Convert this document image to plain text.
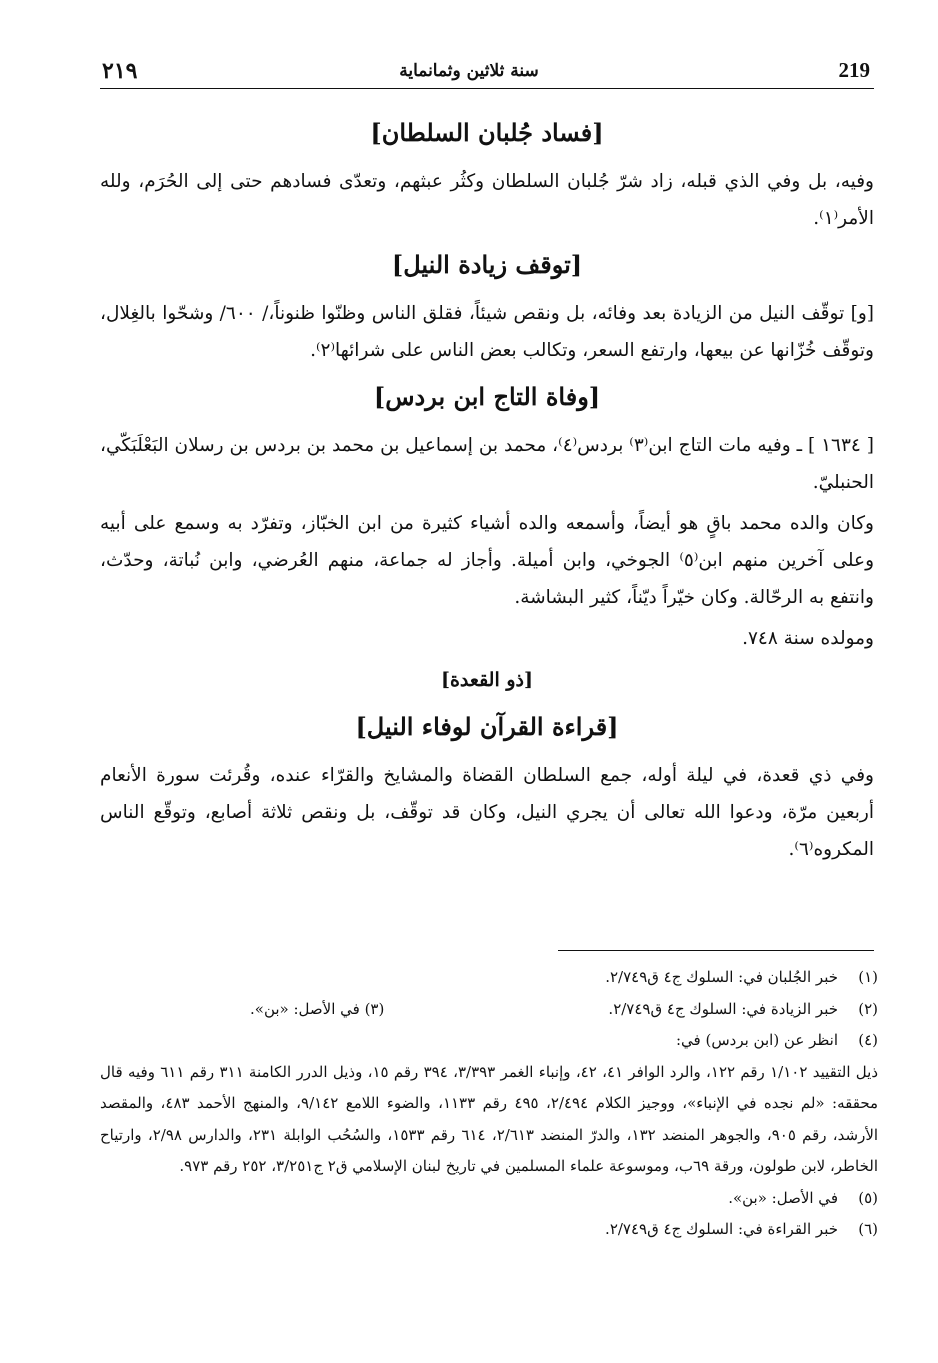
219
سنة ثلاثين وثمانماية
٢١٩
[فساد جُلبان السلطان]

وفيه، بل وفي الذي قبله، زاد شرّ جُلبان السلطان وكثُر عبثهم، وتعدّى فسادهم حتى إلى الحُرَم، ولله الأمر⁽١⁾.

[توقف زيادة النيل]

[و] توقّف النيل من الزيادة بعد وفائه، بل ونقص شيئاً، فقلق الناس وظنّوا ظنوناً،/ ٦٠٠/ وشحّوا بالغِلال، وتوقّف خُزّانها عن بيعها، وارتفع السعر، وتكالب بعض الناس على شرائها⁽٢⁾.

[وفاة التاج ابن بردس]

[ ١٦٣٤ ] ـ وفيه مات التاج ابن⁽٣⁾ بردس⁽٤⁾، محمد بن إسماعيل بن محمد بن بردس بن رسلان البَعْلَبَكّي، الحنبليّ.

وكان والده محمد باقٍ هو أيضاً، وأسمعه والده أشياء كثيرة من ابن الخبّاز، وتفرّد به وسمع على أبيه وعلى آخرين منهم ابن⁽٥⁾ الجوخي، وابن أميلة. وأجاز له جماعة، منهم العُرضي، وابن نُباتة، وحدّث، وانتفع به الرحّالة. وكان خيّراً ديّناً، كثير البشاشة.

ومولده سنة ٧٤٨.

[ذو القعدة]
[قراءة القرآن لوفاء النيل]

وفي ذي قعدة، في ليلة أوله، جمع السلطان القضاة والمشايخ والقرّاء عنده، وقُرئت سورة الأنعام أربعين مرّة، ودعوا الله تعالى أن يجري النيل، وكان قد توقّف، بل ونقص ثلاثة أصابع، وتوقّع الناس المكروه⁽٦⁾.

(١)
خبر الجُلبان في: السلوك ج٤ ق٢/٧٤٩.
(٢)
خبر الزيادة في: السلوك ج٤ ق٢/٧٤٩.
(٣) في الأصل: «بن».
(٤)
انظر عن (ابن بردس) في:
ذيل التقييد ١/١٠٢ رقم ١٢٢، والرد الوافر ٤١، ٤٢، وإنباء الغمر ٣/٣٩٣، ٣٩٤ رقم ١٥، وذيل الدرر الكامنة ٣١١ رقم ٦١١ وفيه قال محققه: «لم نجده في الإنباء»، ووجيز الكلام ٢/٤٩٤، ٤٩٥ رقم ١١٣٣، والضوء اللامع ٩/١٤٢، والمنهج الأحمد ٤٨٣، والمقصد الأرشد، رقم ٩٠٥، والجوهر المنضد ١٣٢، والدرّ المنضد ٢/٦١٣، ٦١٤ رقم ١٥٣٣، والسُحُب الوابلة ٢٣١، والدارس ٢/٩٨، وارتياح الخاطر، لابن طولون، ورقة ٦٩ب، وموسوعة علماء المسلمين في تاريخ لبنان الإسلامي ق٢ ج٣/٢٥١، ٢٥٢ رقم ٩٧٣.
(٥)
في الأصل: «بن».
(٦)
خبر القراءة في: السلوك ج٤ ق٢/٧٤٩.
